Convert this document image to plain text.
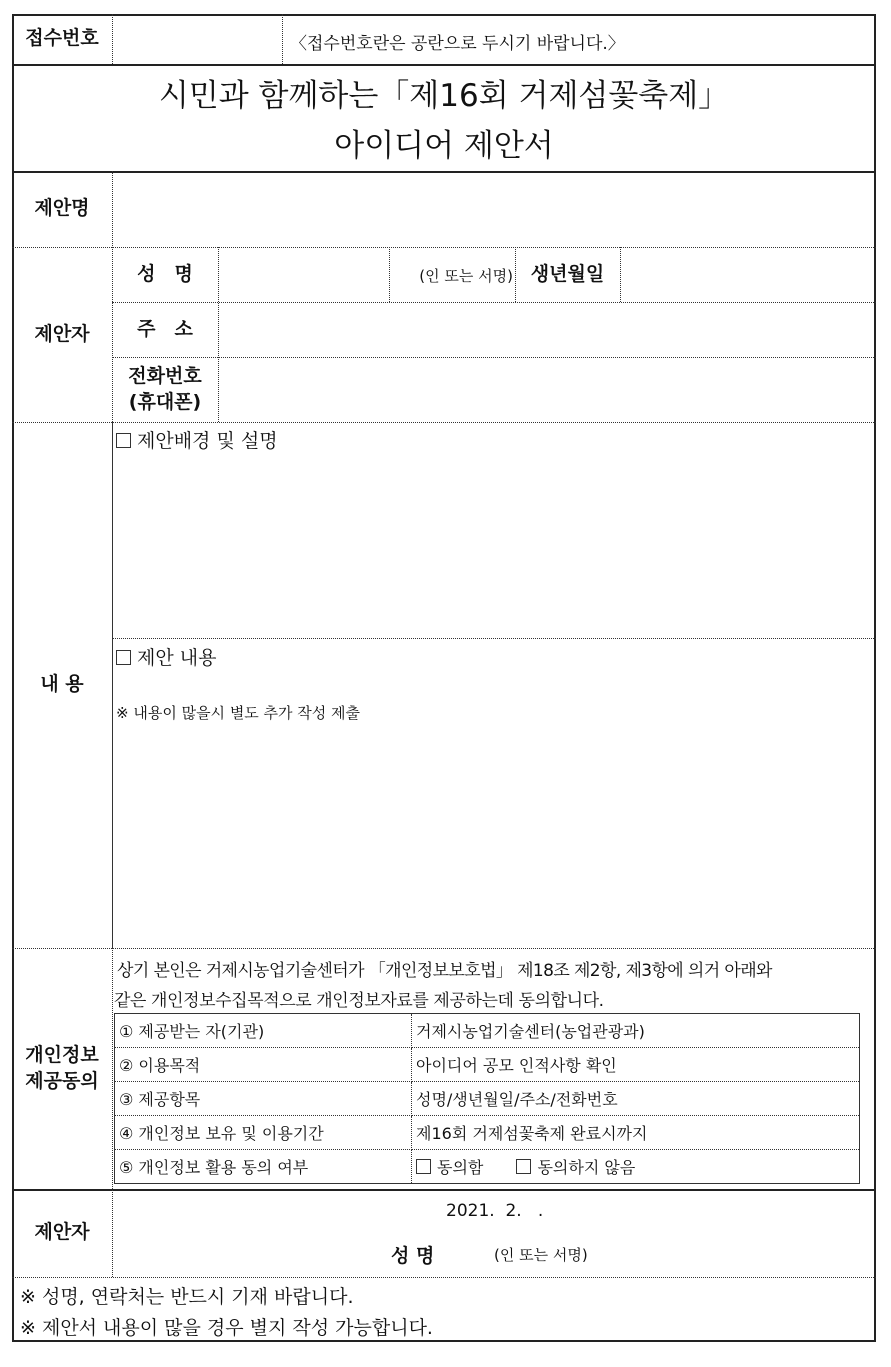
접수번호	〈접수번호란은 공란으로 두시기 바랍니다.〉
시민과 함께하는「제16회 거제섬꽃축제」
아이디어 제안서
제안명
제안자
성　명	(인 또는 서명) 생년월일
주　소
전화번호
(휴대폰)
내 용
제안배경 및 설명
제안 내용
※ 내용이 많을시 별도 추가 작성 제출
개인정보
제공동의
상기 본인은 거제시농업기술센터가 「개인정보보호법」 제18조 제2항, 제3항에 의거 아래와
같은 개인정보수집목적으로 개인정보자료를 제공하는데 동의합니다.
① 제공받는 자(기관)	거제시농업기술센터(농업관광과)
② 이용목적	아이디어 공모 인적사항 확인
③ 제공항목	성명/생년월일/주소/전화번호
④ 개인정보 보유 및 이용기간	제16회 거제섬꽃축제 완료시까지
⑤ 개인정보 활용 동의 여부	동의함 동의하지 않음
제안자
2021.  2.   .
성 명	(인 또는 서명)
※ 성명, 연락처는 반드시 기재 바랍니다.
※ 제안서 내용이 많을 경우 별지 작성 가능합니다.
